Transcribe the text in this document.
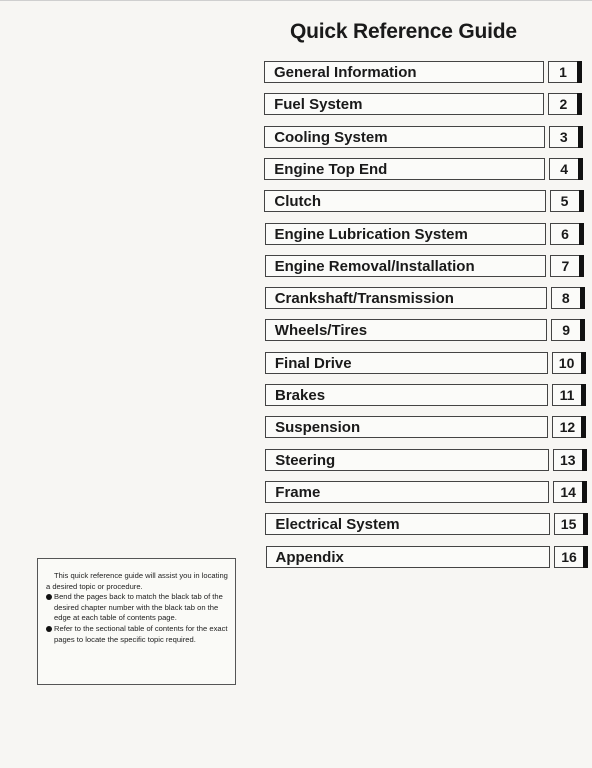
Quick Reference Guide
General Information	1
Fuel System	2
Cooling System	3
Engine Top End	4
Clutch	5
Engine Lubrication System	6
Engine Removal/Installation	7
Crankshaft/Transmission	8
Wheels/Tires	9
Final Drive	10
Brakes	11
Suspension	12
Steering	13
Frame	14
Electrical System	15
Appendix	16

This quick reference guide will assist you in locating a desired topic or procedure.

Bend the pages back to match the black tab of the desired chapter number with the black tab on the edge at each table of contents page.

Refer to the sectional table of contents for the exact pages to locate the specific topic required.
